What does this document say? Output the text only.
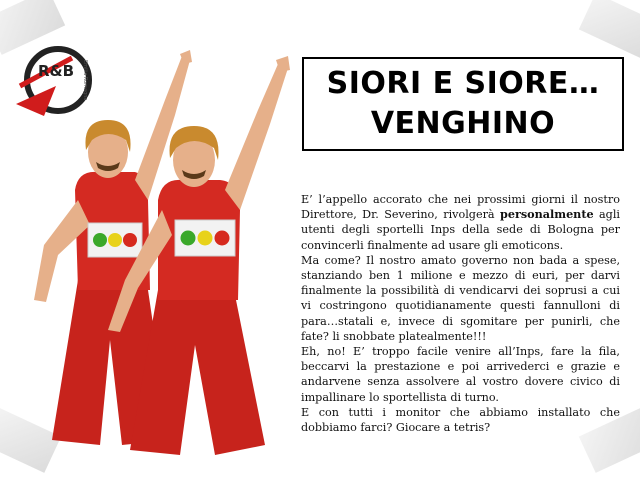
R&B Emilia Romagna	SIORI E SIORE…
VENGHINO

E’ l’appello accorato che nei prossimi giorni il nostro Direttore, Dr. Severino, rivolgerà personalmente agli utenti degli sportelli Inps della sede di Bologna per convincerli finalmente ad usare gli emoticons.

Ma come? Il nostro amato governo non bada a spese, stanziando ben 1 milione e mezzo di euri, per darvi finalmente la possibilità di vendicarvi dei soprusi a cui vi costringono quotidianamente questi fannulloni di para…statali e, invece di sgomitare per punirli, che fate? li snobbate platealmente!!!

Eh, no! E’ troppo facile venire all’Inps, fare la fila, beccarvi la prestazione e poi arrivederci e grazie e andarvene senza assolvere al vostro dovere civico di impallinare lo sportellista di turno.

E con tutti i monitor che abbiamo installato che dobbiamo farci? Giocare a tetris?
